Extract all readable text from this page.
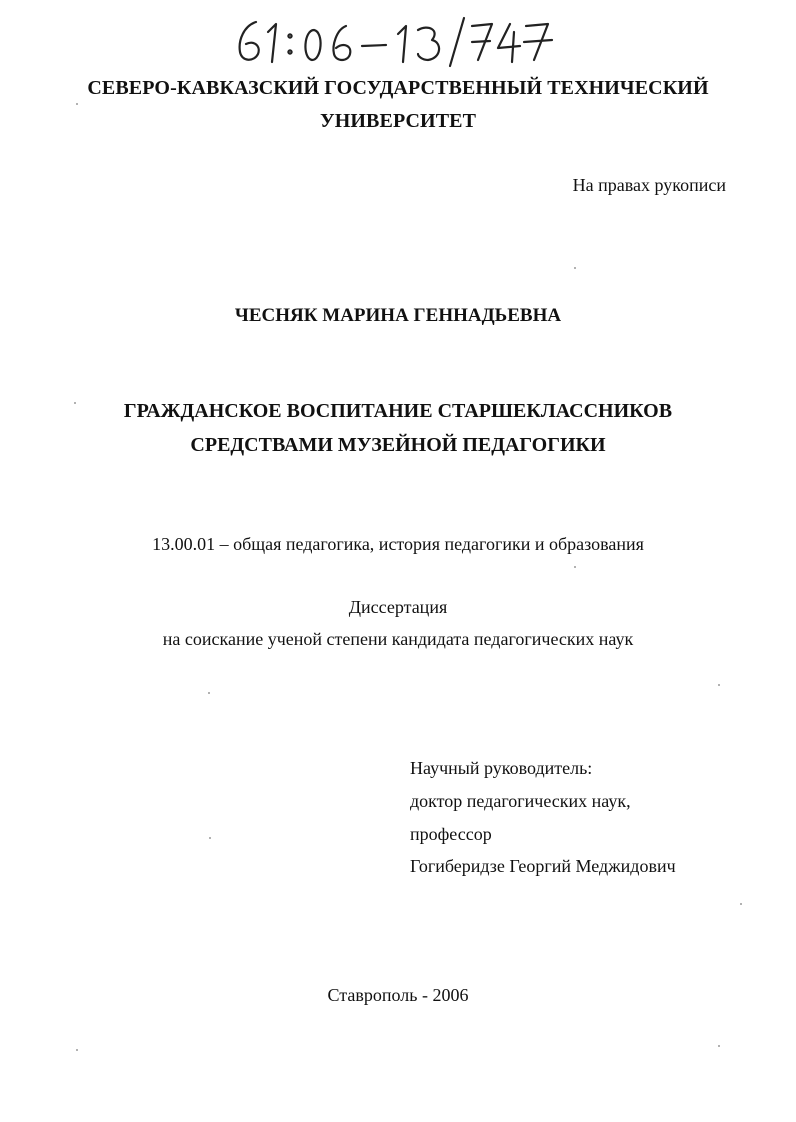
СЕВЕРО-КАВКАЗСКИЙ ГОСУДАРСТВЕННЫЙ ТЕХНИЧЕСКИЙ
УНИВЕРСИТЕТ
На правах рукописи
ЧЕСНЯК МАРИНА ГЕННАДЬЕВНА
ГРАЖДАНСКОЕ ВОСПИТАНИЕ СТАРШЕКЛАССНИКОВ
СРЕДСТВАМИ МУЗЕЙНОЙ ПЕДАГОГИКИ
13.00.01 – общая педагогика, история педагогики и образования
Диссертация
на соискание ученой степени кандидата педагогических наук
Научный руководитель:
доктор педагогических наук,
профессор
Гогиберидзе Георгий Меджидович
Ставрополь - 2006
